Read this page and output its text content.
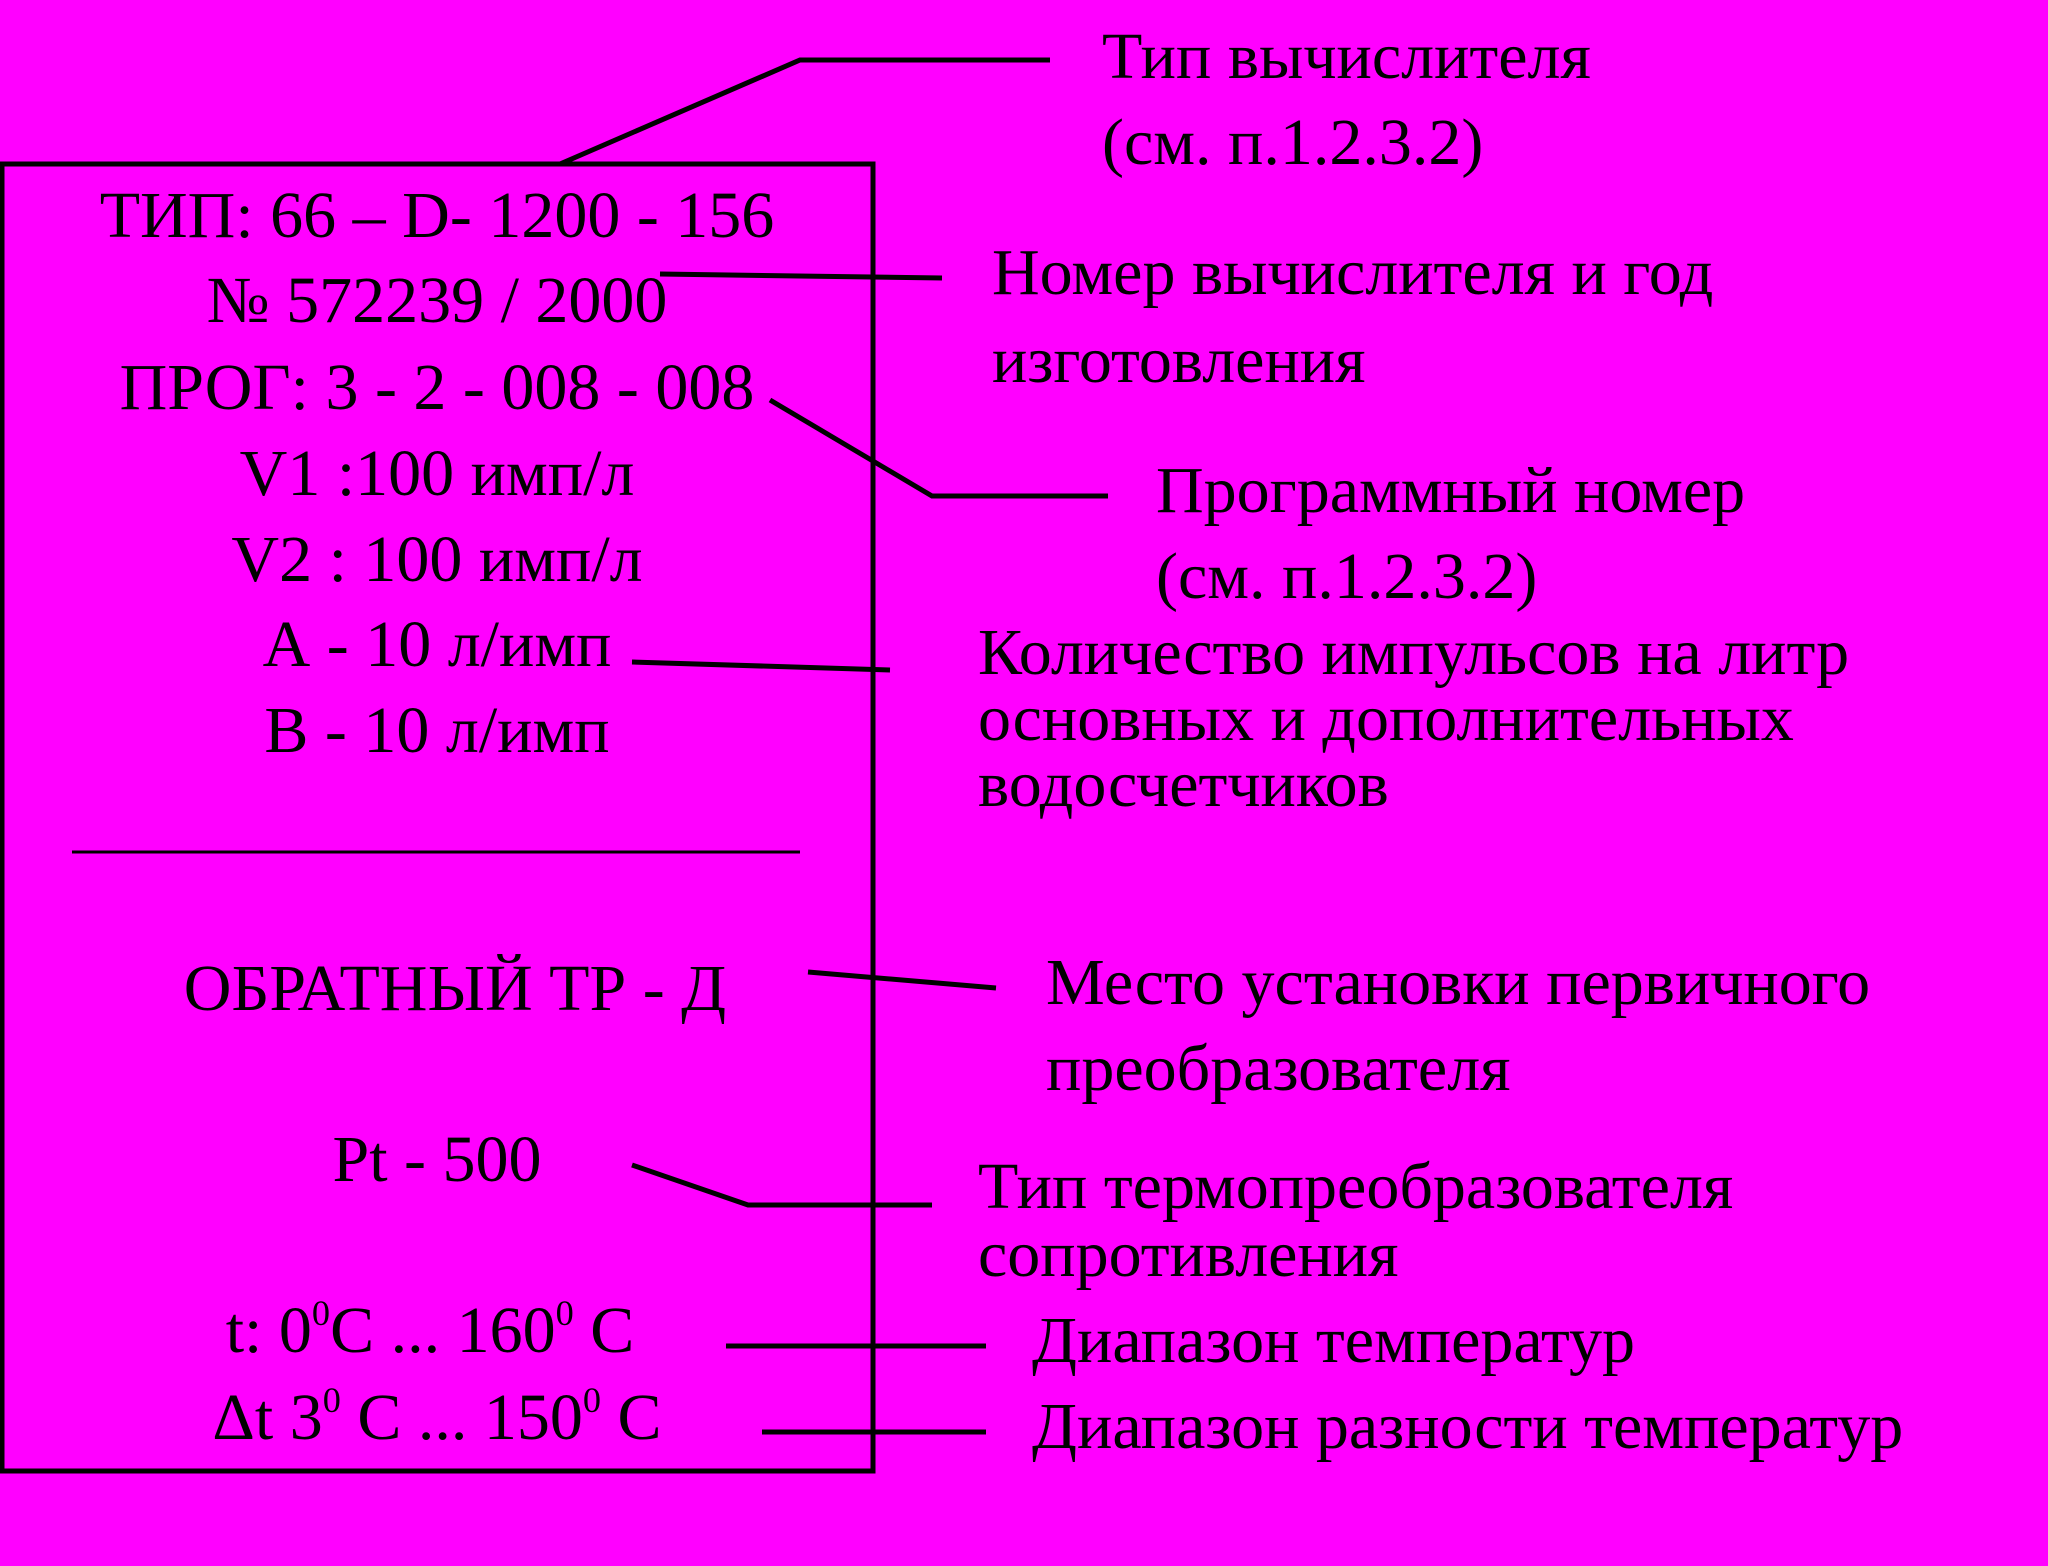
ТИП: 66 – D- 1200 - 156
№ 572239 / 2000
ПРОГ: 3 - 2 - 008 - 008
V1 :100 имп/л
V2 : 100 имп/л
А - 10 л/имп
В - 10 л/имп
ОБРАТНЫЙ ТР - Д
Pt - 500
t: $0^0C$ ... $160^0$ C
Δt $3^0$ C ... $150^0$ C
Тип вычислителя
(см. п.1.2.3.2)
Номер вычислителя и год
изготовления
Программный номер
(см. п.1.2.3.2)
Количество импульсов на литр
основных и дополнительных
водосчетчиков
Место установки первичного
преобразователя
Тип термопреобразователя
сопротивления
Диапазон температур
Диапазон разности температур
